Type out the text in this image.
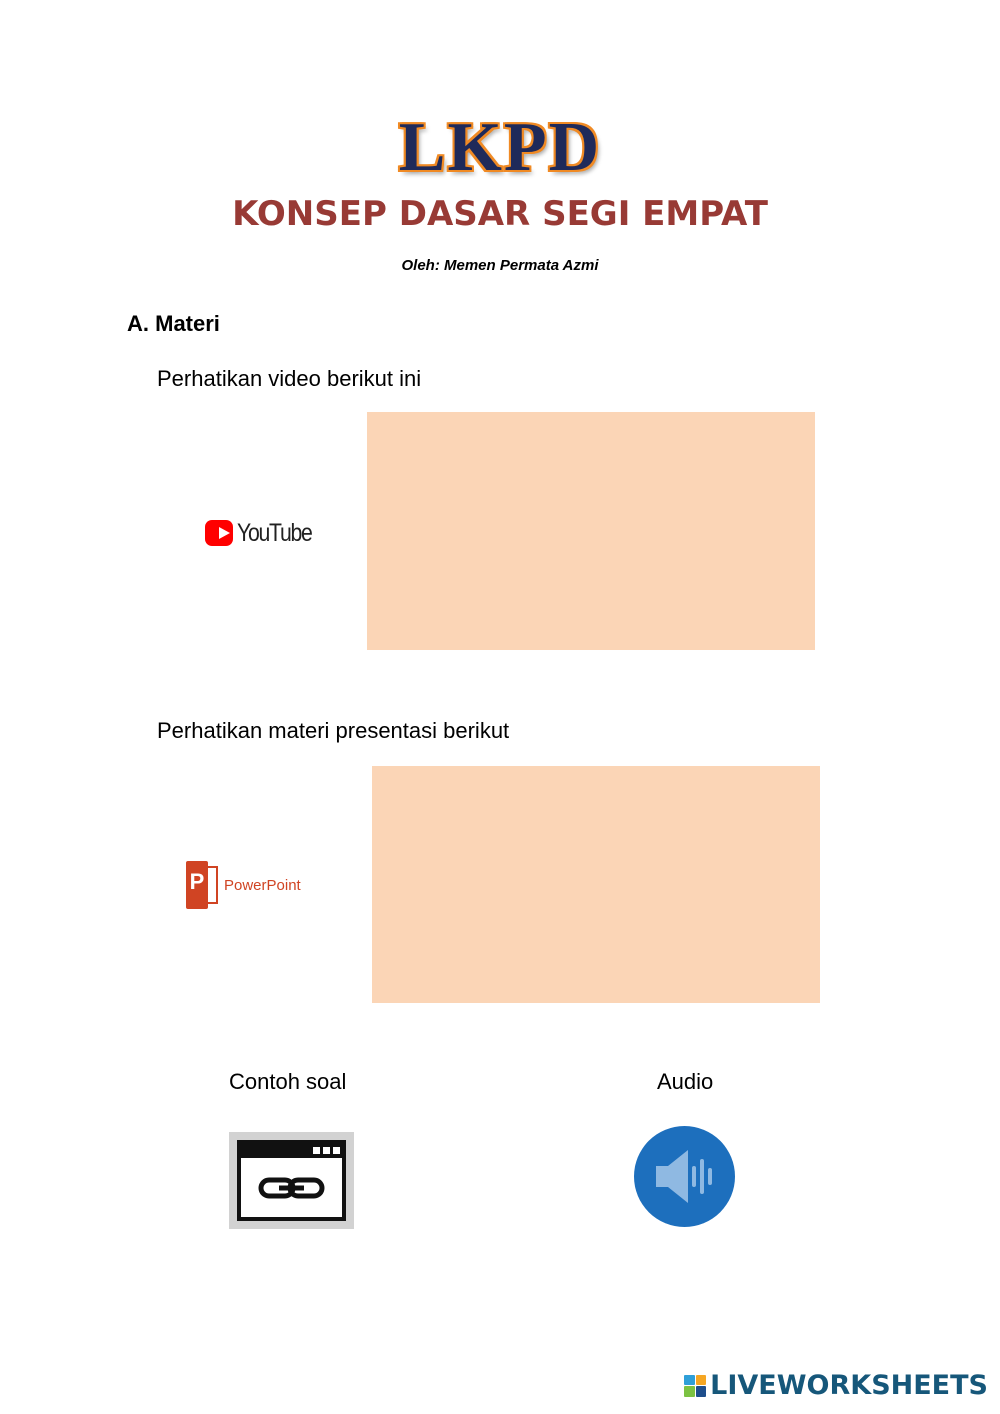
LKPD
KONSEP DASAR SEGI EMPAT
Oleh: Memen Permata Azmi
A. Materi
Perhatikan video berikut ini
YouTube
Perhatikan materi presentasi berikut
P PowerPoint
Contoh soal	Audio
LIVEWORKSHEETS
